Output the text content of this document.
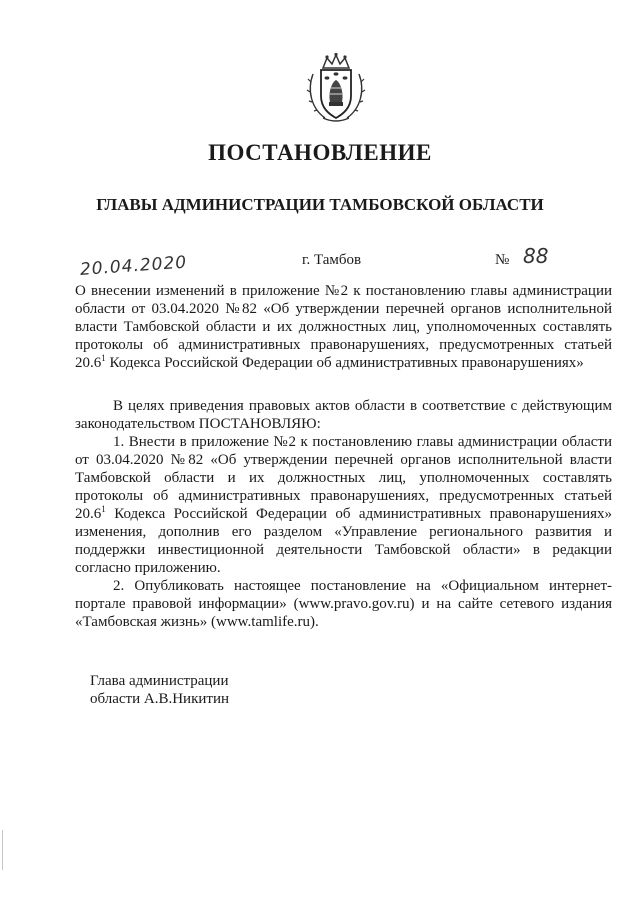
ПОСТАНОВЛЕНИЕ
ГЛАВЫ АДМИНИСТРАЦИИ ТАМБОВСКОЙ ОБЛАСТИ
20.04.2020	г. Тамбов	№ 88
О внесении изменений в приложение №2 к постановлению главы администрации области от 03.04.2020 №82 «Об утверждении перечней органов исполнительной власти Тамбовской области и их должностных лиц, уполномоченных составлять протоколы об административных правонарушениях, предусмотренных статьей 20.6$^1$ Кодекса Российской Федерации об административных правонарушениях»

В целях приведения правовых актов области в соответствие с действующим законодательством ПОСТАНОВЛЯЮ:

1. Внести в приложение №2 к постановлению главы администрации области от 03.04.2020 №82 «Об утверждении перечней органов исполнительной власти Тамбовской области и их должностных лиц, уполномоченных составлять протоколы об административных правонарушениях, предусмотренных статьей 20.6$^1$ Кодекса Российской Федерации об административных правонарушениях» изменения, дополнив его разделом «Управление регионального развития и поддержки инвестиционной деятельности Тамбовской области» в редакции согласно приложению.

2. Опубликовать настоящее постановление на «Официальном интернет-портале правовой информации» (www.pravo.gov.ru) и на сайте сетевого издания «Тамбовская жизнь» (www.tamlife.ru).

Глава администрации
области А.В.Никитин
